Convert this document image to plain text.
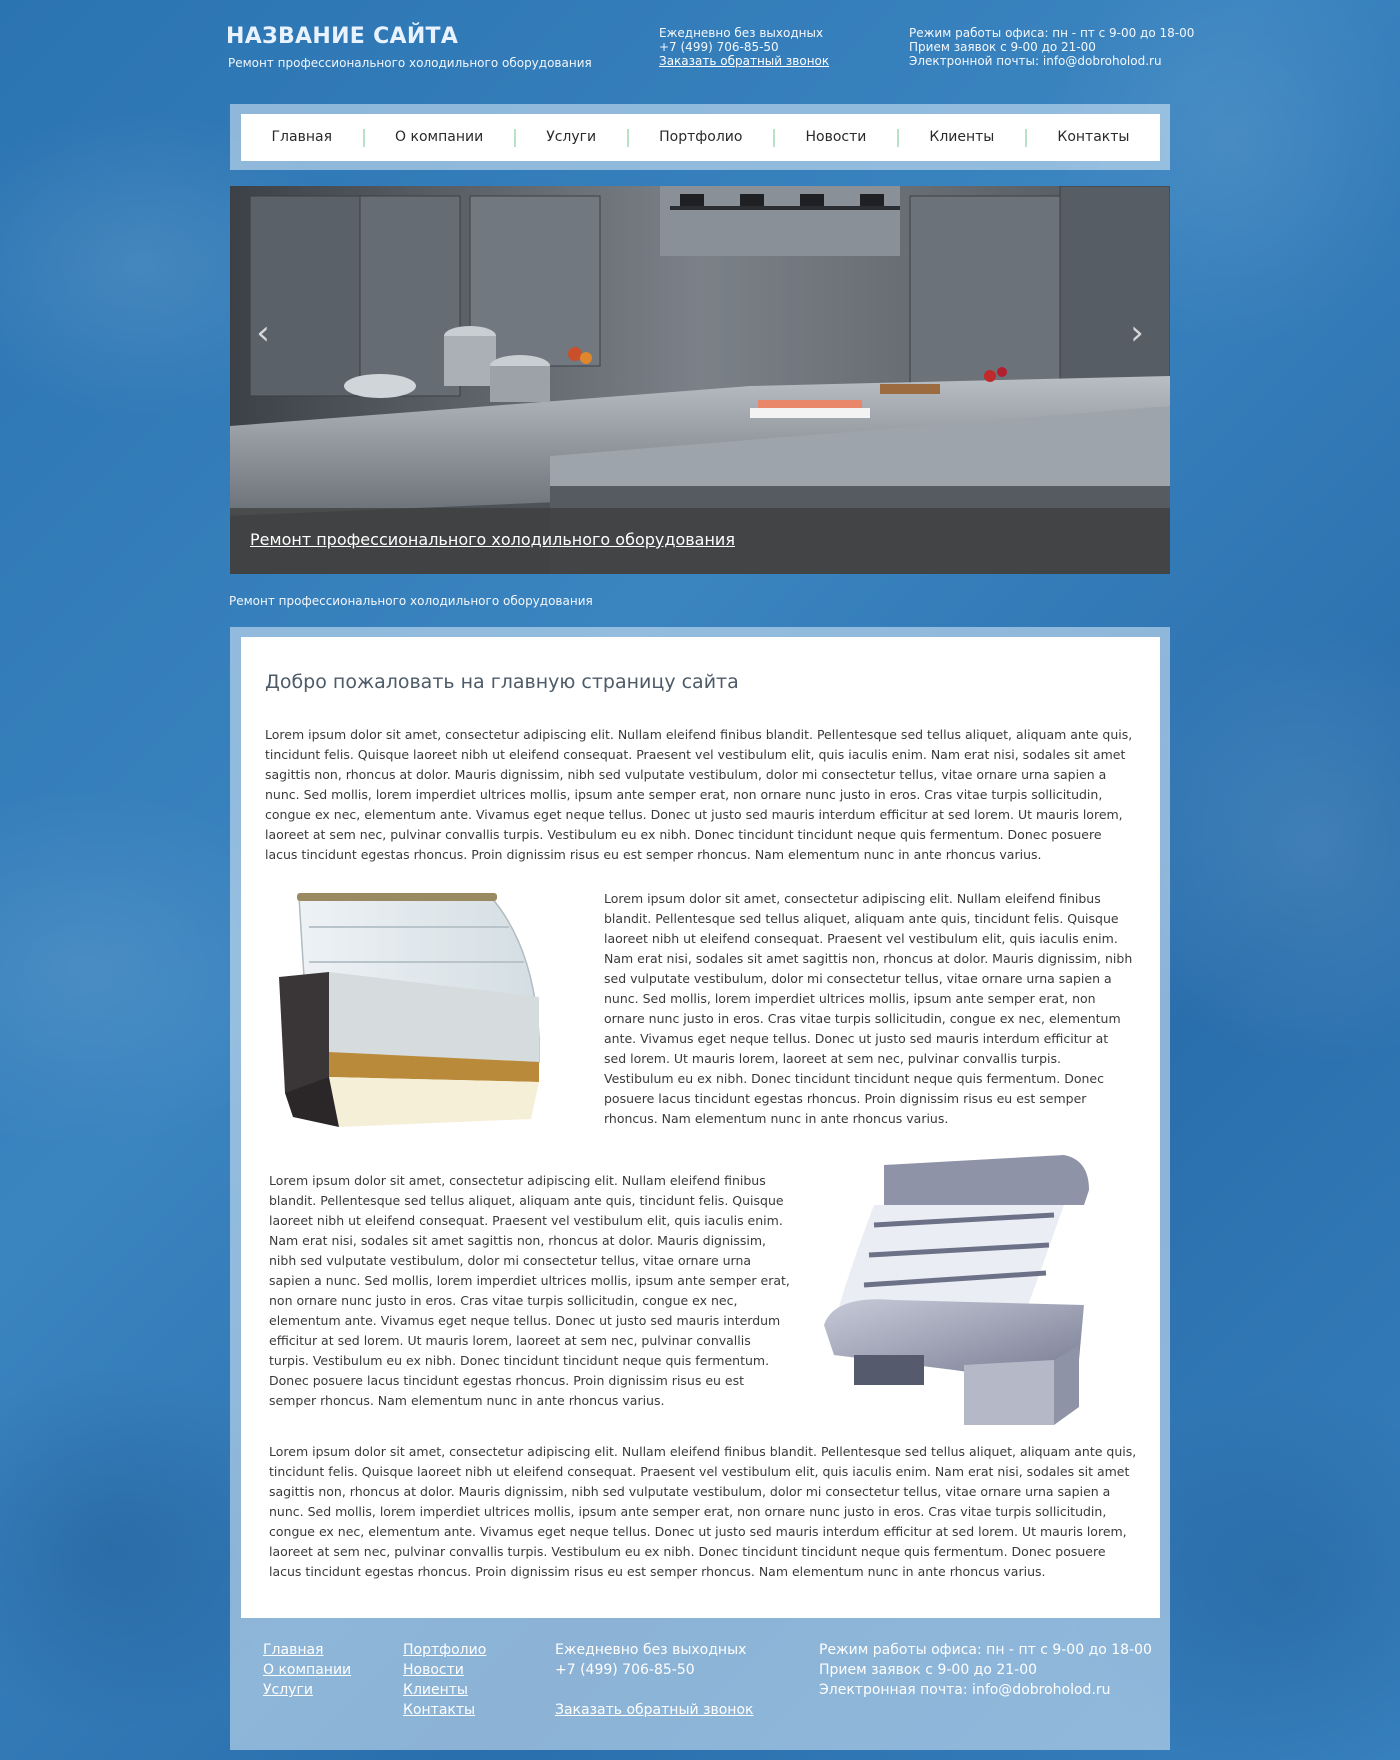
НАЗВАНИЕ САЙТА
Ремонт профессионального холодильного оборудования
Ежедневно без выходных
+7 (499) 706-85-50
Заказать обратный звонок
Режим работы офиса: пн - пт с 9-00 до 18-00
Прием заявок с 9-00 до 21-00
Электронной почты: info@dobroholod.ru
Главная	О компании	Услуги	Портфолио	Новости	Клиенты	Контакты
‹	›
Ремонт профессионального холодильного оборудования
Ремонт профессионального холодильного оборудования
Добро пожаловать на главную страницу сайта

Lorem ipsum dolor sit amet, consectetur adipiscing elit. Nullam eleifend finibus blandit. Pellentesque sed tellus aliquet, aliquam ante quis, tincidunt felis. Quisque laoreet nibh ut eleifend consequat. Praesent vel vestibulum elit, quis iaculis enim. Nam erat nisi, sodales sit amet sagittis non, rhoncus at dolor. Mauris dignissim, nibh sed vulputate vestibulum, dolor mi consectetur tellus, vitae ornare urna sapien a nunc. Sed mollis, lorem imperdiet ultrices mollis, ipsum ante semper erat, non ornare nunc justo in eros. Cras vitae turpis sollicitudin, congue ex nec, elementum ante. Vivamus eget neque tellus. Donec ut justo sed mauris interdum efficitur at sed lorem. Ut mauris lorem, laoreet at sem nec, pulvinar convallis turpis. Vestibulum eu ex nibh. Donec tincidunt tincidunt neque quis fermentum. Donec posuere lacus tincidunt egestas rhoncus. Proin dignissim risus eu est semper rhoncus. Nam elementum nunc in ante rhoncus varius.

Lorem ipsum dolor sit amet, consectetur adipiscing elit. Nullam eleifend finibus blandit. Pellentesque sed tellus aliquet, aliquam ante quis, tincidunt felis. Quisque laoreet nibh ut eleifend consequat. Praesent vel vestibulum elit, quis iaculis enim. Nam erat nisi, sodales sit amet sagittis non, rhoncus at dolor. Mauris dignissim, nibh sed vulputate vestibulum, dolor mi consectetur tellus, vitae ornare urna sapien a nunc. Sed mollis, lorem imperdiet ultrices mollis, ipsum ante semper erat, non ornare nunc justo in eros. Cras vitae turpis sollicitudin, congue ex nec, elementum ante. Vivamus eget neque tellus. Donec ut justo sed mauris interdum efficitur at sed lorem. Ut mauris lorem, laoreet at sem nec, pulvinar convallis turpis. Vestibulum eu ex nibh. Donec tincidunt tincidunt neque quis fermentum. Donec posuere lacus tincidunt egestas rhoncus. Proin dignissim risus eu est semper rhoncus. Nam elementum nunc in ante rhoncus varius.

Lorem ipsum dolor sit amet, consectetur adipiscing elit. Nullam eleifend finibus blandit. Pellentesque sed tellus aliquet, aliquam ante quis, tincidunt felis. Quisque laoreet nibh ut eleifend consequat. Praesent vel vestibulum elit, quis iaculis enim. Nam erat nisi, sodales sit amet sagittis non, rhoncus at dolor. Mauris dignissim, nibh sed vulputate vestibulum, dolor mi consectetur tellus, vitae ornare urna sapien a nunc. Sed mollis, lorem imperdiet ultrices mollis, ipsum ante semper erat, non ornare nunc justo in eros. Cras vitae turpis sollicitudin, congue ex nec, elementum ante. Vivamus eget neque tellus. Donec ut justo sed mauris interdum efficitur at sed lorem. Ut mauris lorem, laoreet at sem nec, pulvinar convallis turpis. Vestibulum eu ex nibh. Donec tincidunt tincidunt neque quis fermentum. Donec posuere lacus tincidunt egestas rhoncus. Proin dignissim risus eu est semper rhoncus. Nam elementum nunc in ante rhoncus varius.

Lorem ipsum dolor sit amet, consectetur adipiscing elit. Nullam eleifend finibus blandit. Pellentesque sed tellus aliquet, aliquam ante quis, tincidunt felis. Quisque laoreet nibh ut eleifend consequat. Praesent vel vestibulum elit, quis iaculis enim. Nam erat nisi, sodales sit amet sagittis non, rhoncus at dolor. Mauris dignissim, nibh sed vulputate vestibulum, dolor mi consectetur tellus, vitae ornare urna sapien a nunc. Sed mollis, lorem imperdiet ultrices mollis, ipsum ante semper erat, non ornare nunc justo in eros. Cras vitae turpis sollicitudin, congue ex nec, elementum ante. Vivamus eget neque tellus. Donec ut justo sed mauris interdum efficitur at sed lorem. Ut mauris lorem, laoreet at sem nec, pulvinar convallis turpis. Vestibulum eu ex nibh. Donec tincidunt tincidunt neque quis fermentum. Donec posuere lacus tincidunt egestas rhoncus. Proin dignissim risus eu est semper rhoncus. Nam elementum nunc in ante rhoncus varius.

Главная
О компании
Услуги
Портфолио
Новости
Клиенты
Контакты
Ежедневно без выходных
+7 (499) 706-85-50
Заказать обратный звонок
Режим работы офиса: пн - пт с 9-00 до 18-00
Прием заявок с 9-00 до 21-00
Электронная почта: info@dobroholod.ru
